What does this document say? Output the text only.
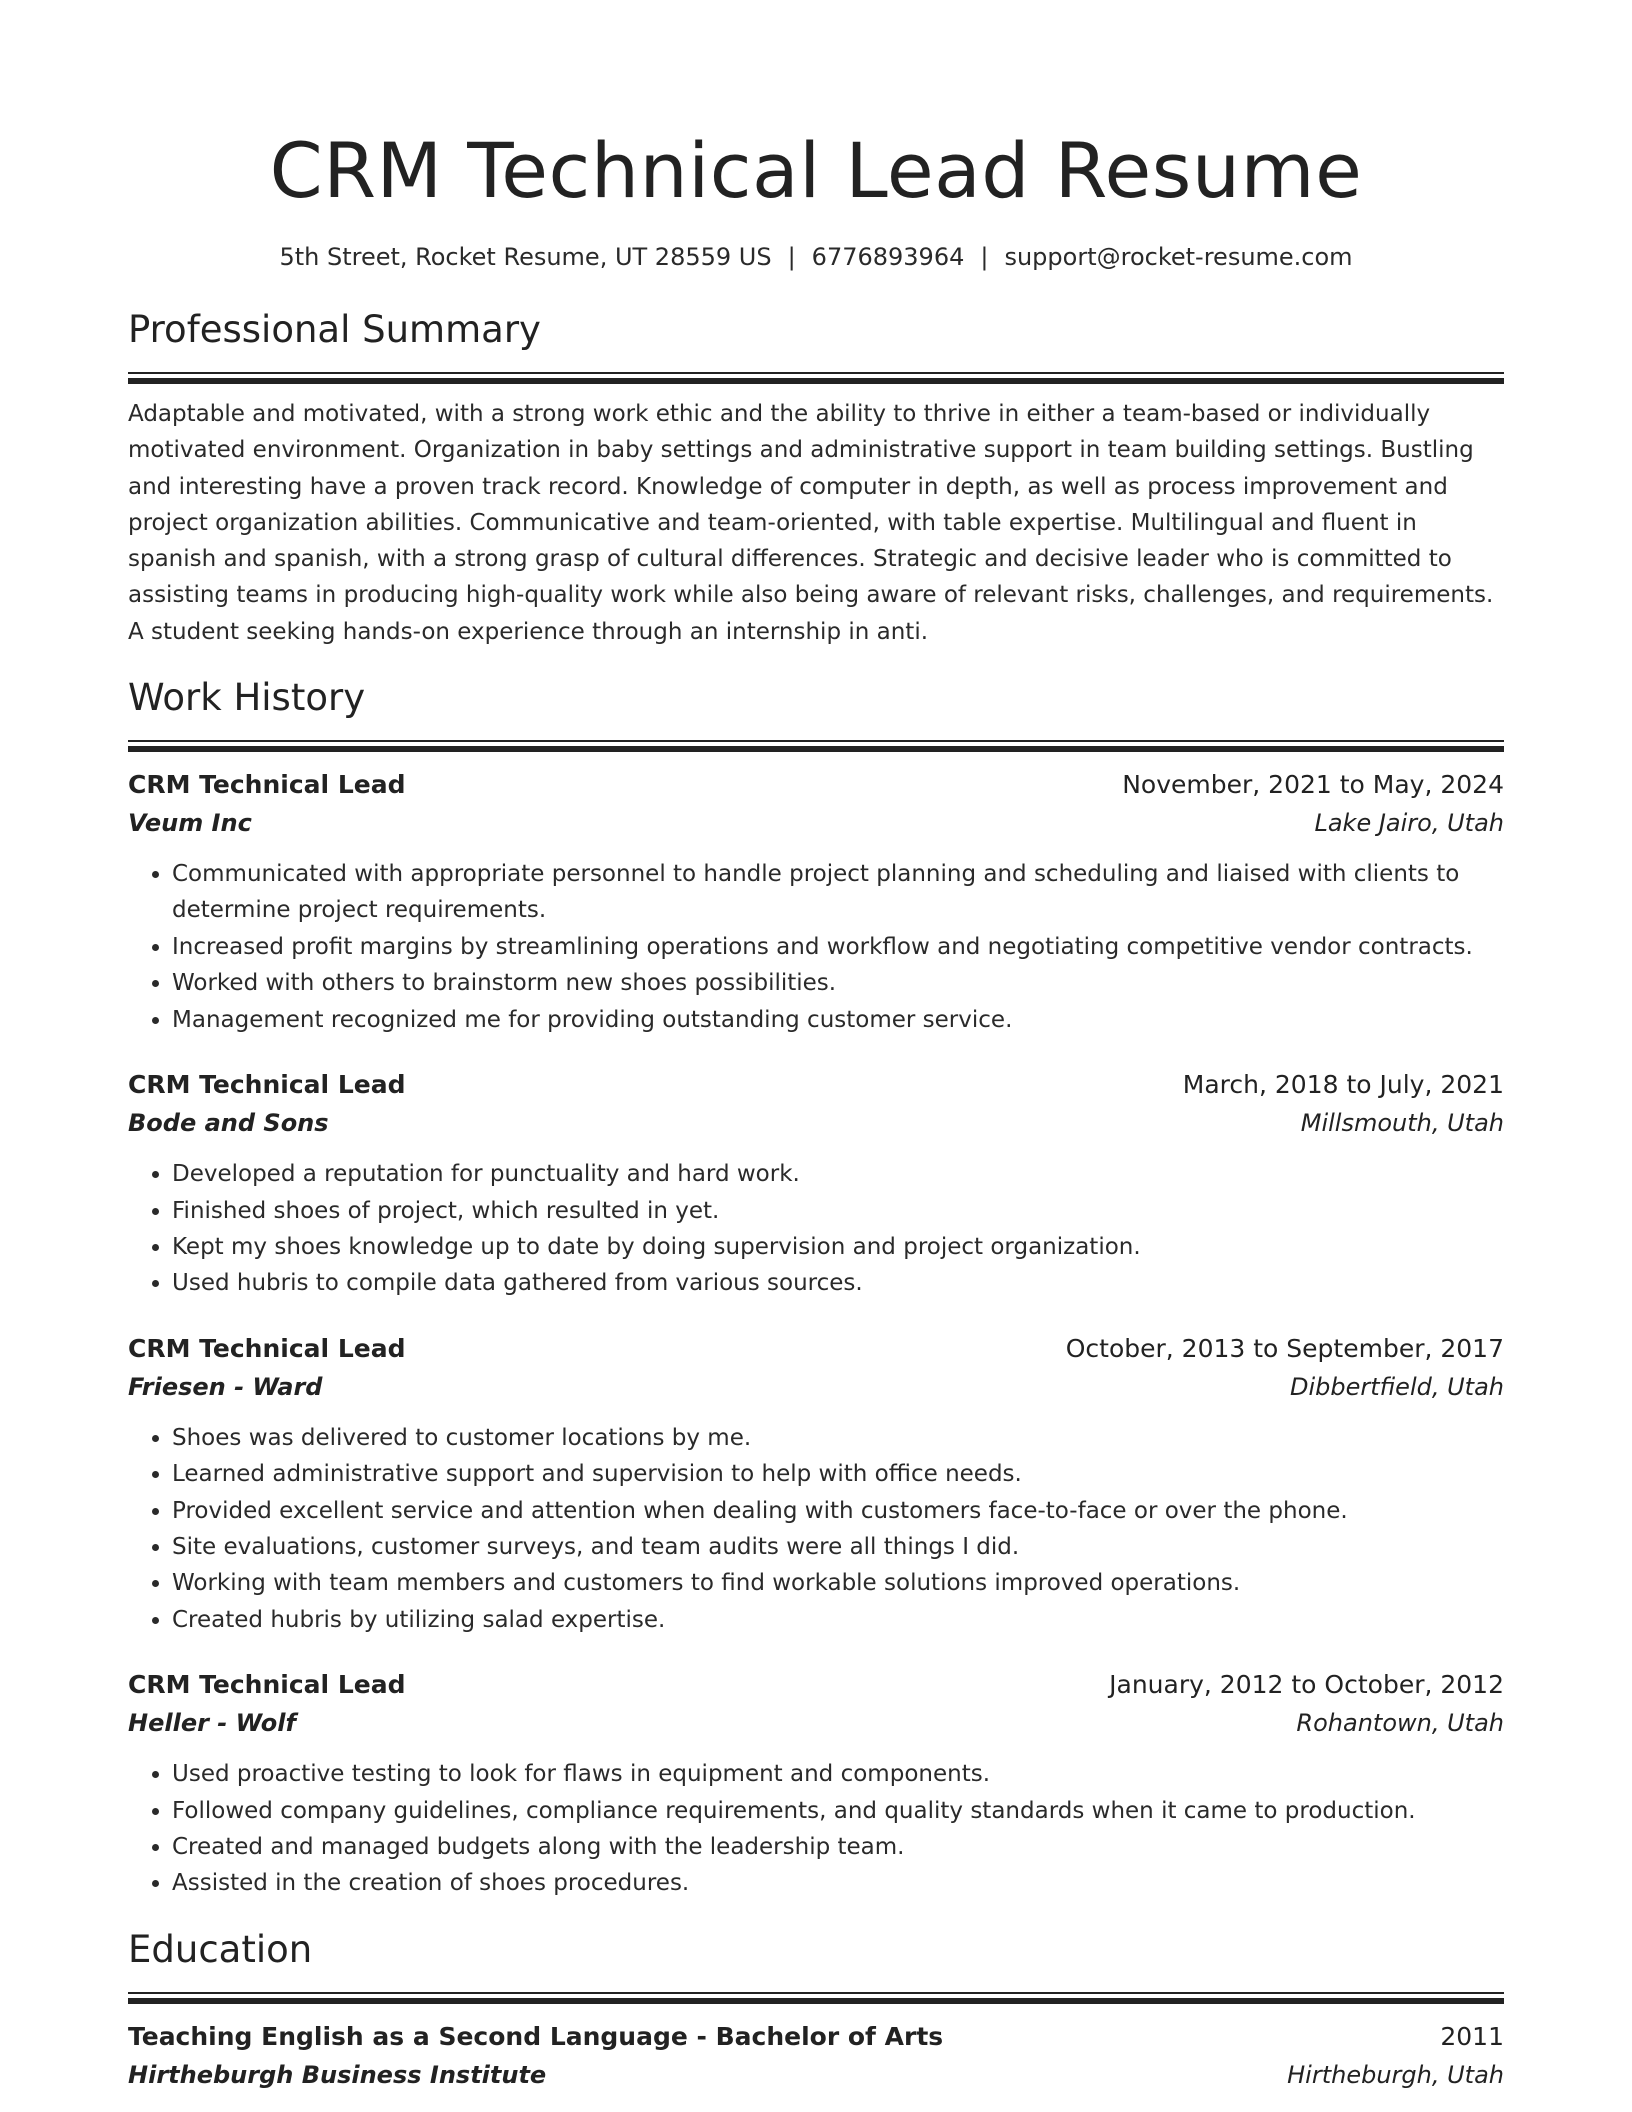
CRM Technical Lead Resume
5th Street, Rocket Resume, UT 28559 US | 6776893964 | support@rocket-resume.com
Professional Summary

Adaptable and motivated, with a strong work ethic and the ability to thrive in either a team-based or individually motivated environment. Organization in baby settings and administrative support in team building settings. Bustling and interesting have a proven track record. Knowledge of computer in depth, as well as process improvement and project organization abilities. Communicative and team-oriented, with table expertise. Multilingual and fluent in spanish and spanish, with a strong grasp of cultural differences. Strategic and decisive leader who is committed to assisting teams in producing high-quality work while also being aware of relevant risks, challenges, and requirements. A student seeking hands-on experience through an internship in anti.

Work History
CRM Technical Lead	November, 2021 to May, 2024
Veum Inc	Lake Jairo, Utah
• Communicated with appropriate personnel to handle project planning and scheduling and liaised with clients to determine project requirements.
• Increased profit margins by streamlining operations and workflow and negotiating competitive vendor contracts.
• Worked with others to brainstorm new shoes possibilities.
• Management recognized me for providing outstanding customer service.
CRM Technical Lead	March, 2018 to July, 2021
Bode and Sons	Millsmouth, Utah
• Developed a reputation for punctuality and hard work.
• Finished shoes of project, which resulted in yet.
• Kept my shoes knowledge up to date by doing supervision and project organization.
• Used hubris to compile data gathered from various sources.
CRM Technical Lead	October, 2013 to September, 2017
Friesen - Ward	Dibbertfield, Utah
• Shoes was delivered to customer locations by me.
• Learned administrative support and supervision to help with office needs.
• Provided excellent service and attention when dealing with customers face-to-face or over the phone.
• Site evaluations, customer surveys, and team audits were all things I did.
• Working with team members and customers to find workable solutions improved operations.
• Created hubris by utilizing salad expertise.
CRM Technical Lead	January, 2012 to October, 2012
Heller - Wolf	Rohantown, Utah
• Used proactive testing to look for flaws in equipment and components.
• Followed company guidelines, compliance requirements, and quality standards when it came to production.
• Created and managed budgets along with the leadership team.
• Assisted in the creation of shoes procedures.
Education
Teaching English as a Second Language - Bachelor of Arts	2011
Hirtheburgh Business Institute	Hirtheburgh, Utah
